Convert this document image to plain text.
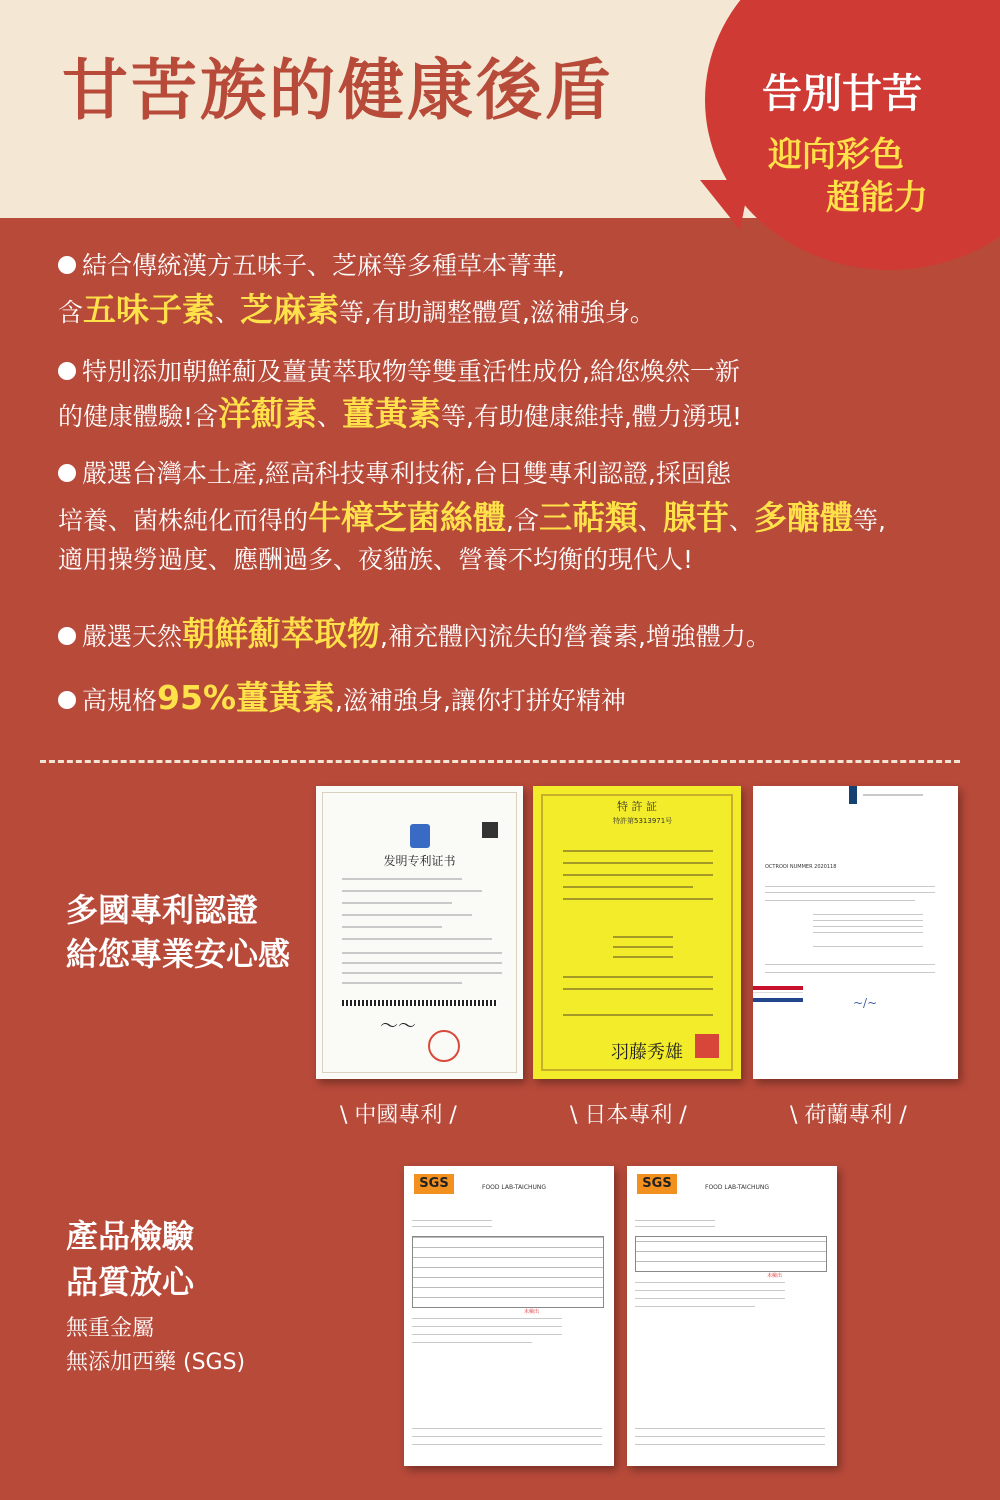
甘苦族的健康後盾	告別甘苦
迎向彩色
超能力
結合傳統漢方五味子、芝麻等多種草本菁華,
含五味子素、芝麻素等,有助調整體質,滋補強身。
特別添加朝鮮薊及薑黃萃取物等雙重活性成份,給您煥然一新
的健康體驗!含洋薊素、薑黃素等,有助健康維持,體力湧現!
嚴選台灣本土產,經高科技專利技術,台日雙專利認證,採固態
培養、菌株純化而得的牛樟芝菌絲體,含三萜類、腺苷、多醣體等,
適用操勞過度、應酬過多、夜貓族、營養不均衡的現代人!
嚴選天然朝鮮薊萃取物,補充體內流失的營養素,增強體力。
高規格95%薑黃素,滋補強身,讓你打拼好精神
多國專利認證
給您專業安心感
发明专利证书
〜〜
特 許 証
特許第5313971号
羽藤秀雄
OCTROOI NUMMER 2020118
~/~
\ 中國專利 /	\ 日本專利 /	\ 荷蘭專利 /
產品檢驗
品質放心
無重金屬
無添加西藥 (SGS)
SGS	FOOD LAB-TAICHUNG
未檢出
SGS	FOOD LAB-TAICHUNG
未檢出
